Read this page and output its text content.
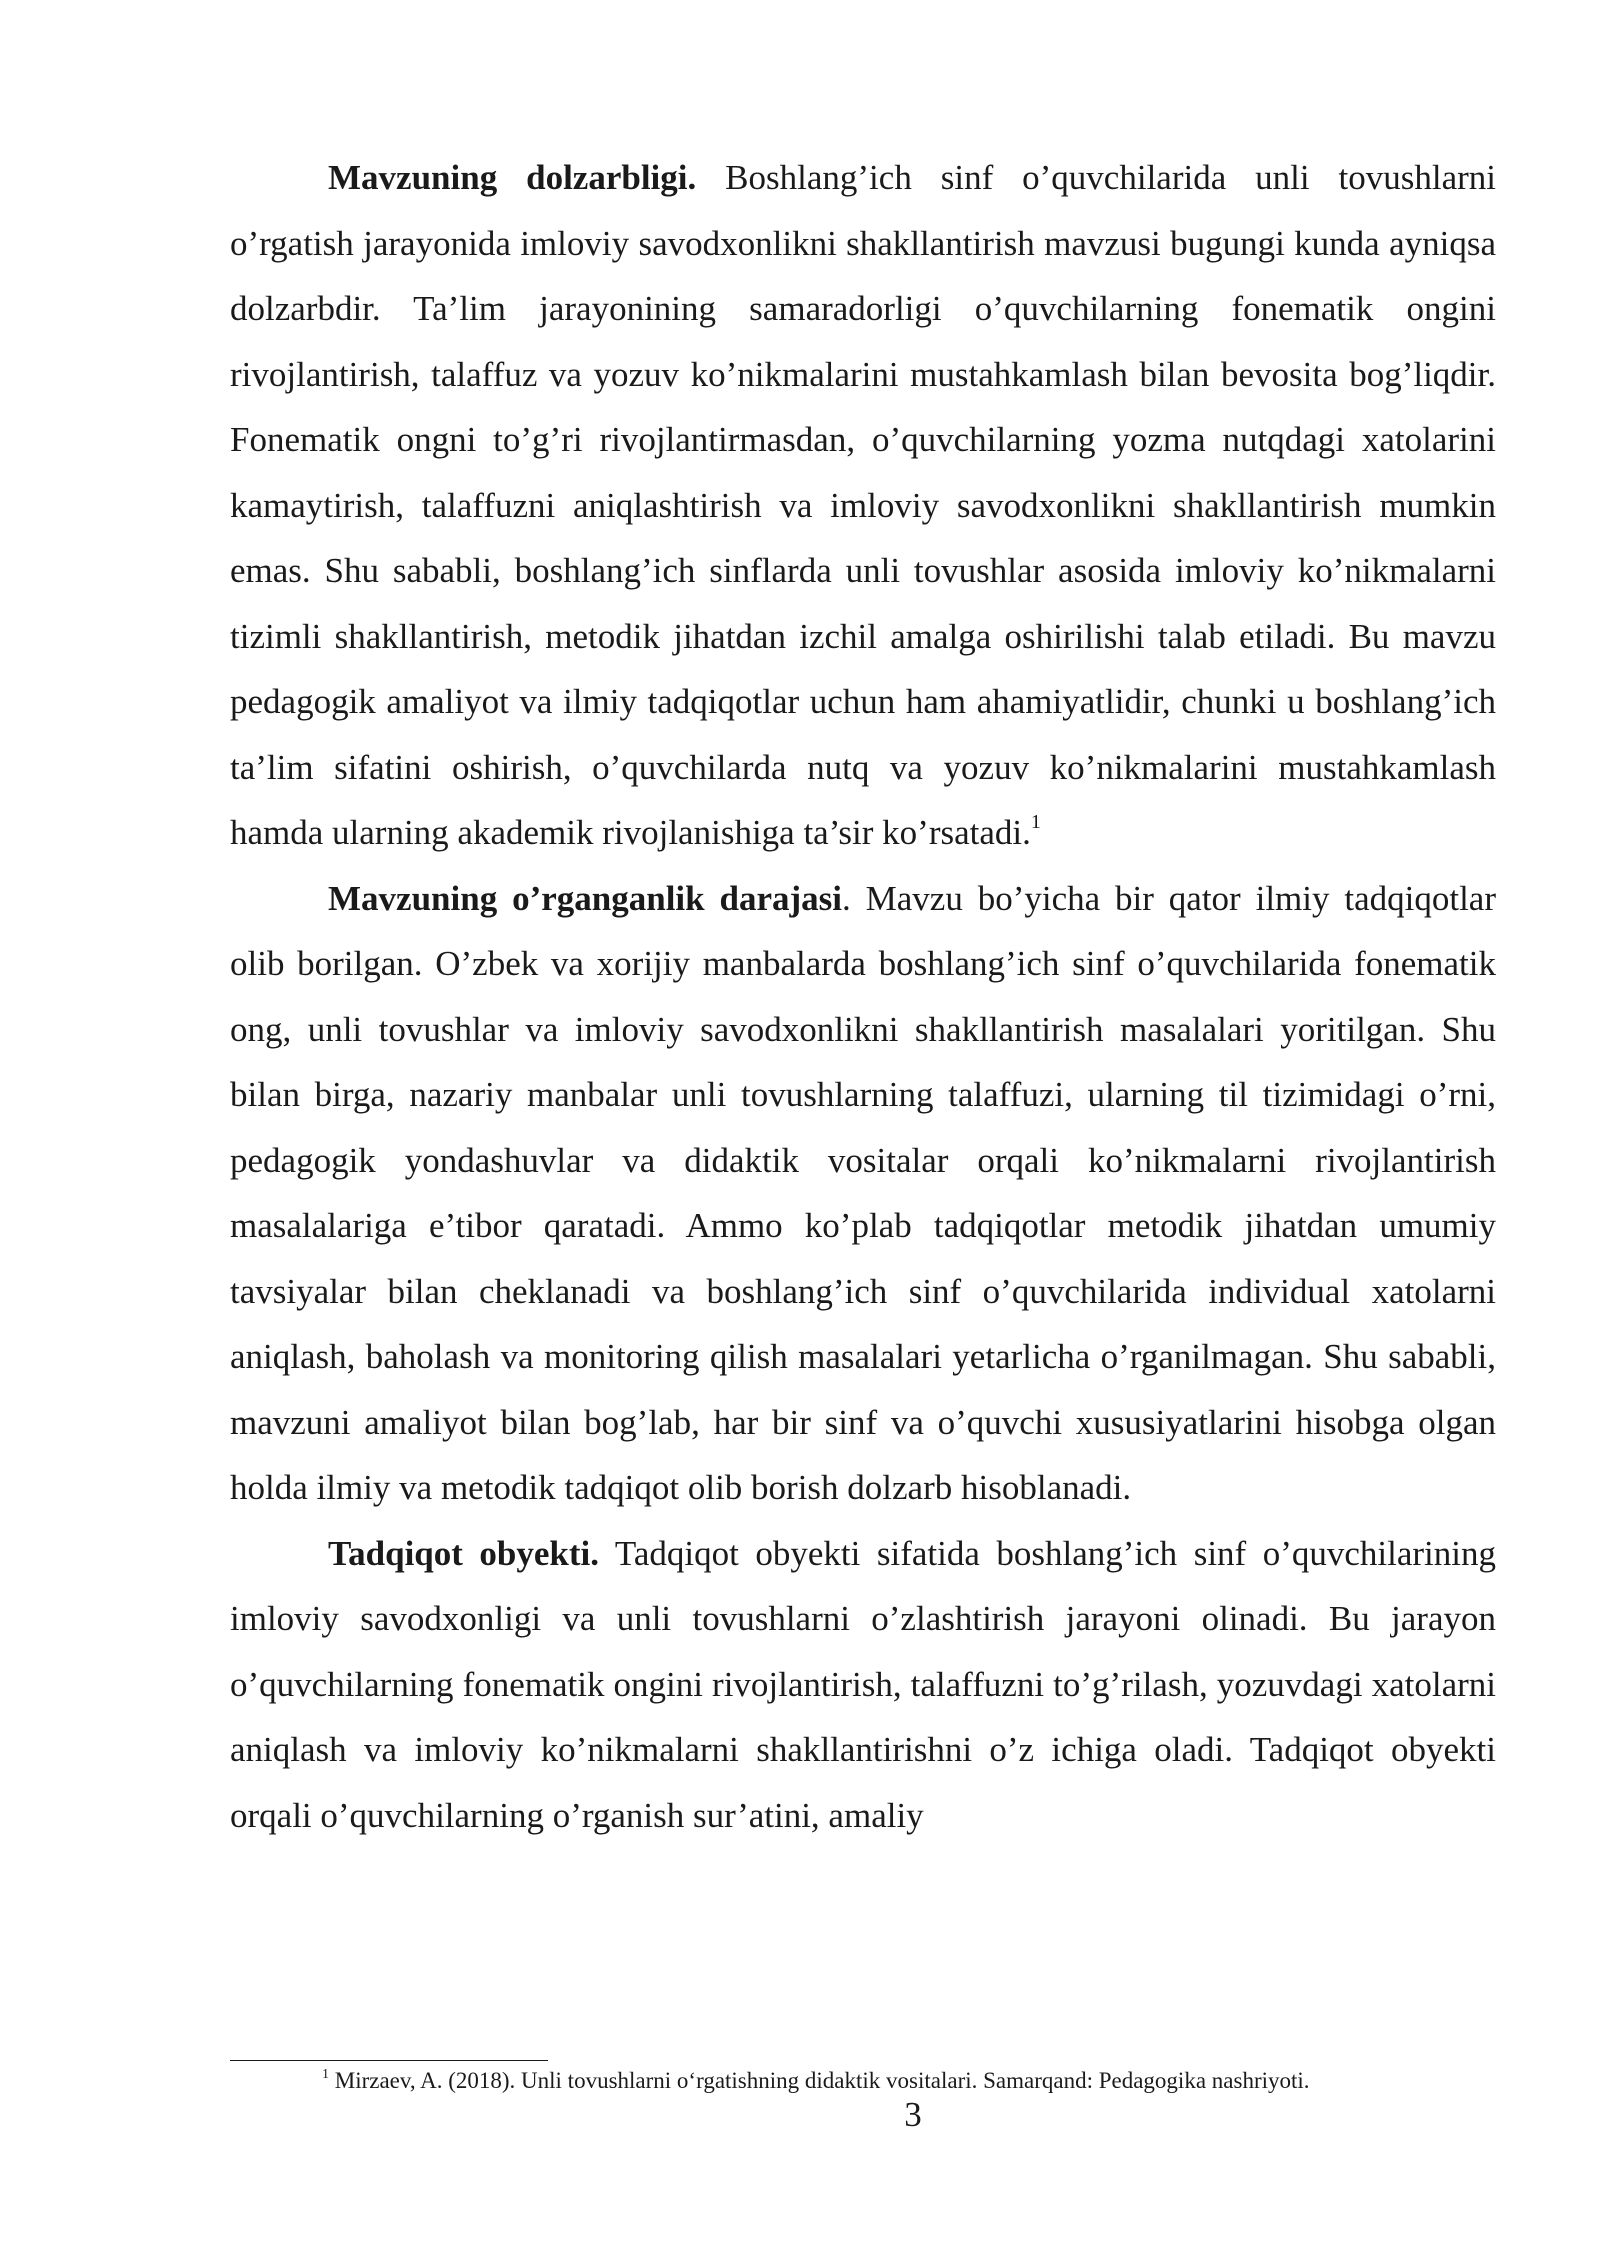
Mavzuning dolzarbligi. Boshlang’ich sinf o’quvchilarida unli tovushlarni o’rgatish jarayonida imloviy savodxonlikni shakllantirish mavzusi bugungi kunda ayniqsa dolzarbdir. Ta’lim jarayonining samaradorligi o’quvchilarning fonematik ongini rivojlantirish, talaffuz va yozuv ko’nikmalarini mustahkamlash bilan bevosita bog’liqdir. Fonematik ongni to’g’ri rivojlantirmasdan, o’quvchilarning yozma nutqdagi xatolarini kamaytirish, talaffuzni aniqlashtirish va imloviy savodxonlikni shakllantirish mumkin emas. Shu sababli, boshlang’ich sinflarda unli tovushlar asosida imloviy ko’nikmalarni tizimli shakllantirish, metodik jihatdan izchil amalga oshirilishi talab etiladi. Bu mavzu pedagogik amaliyot va ilmiy tadqiqotlar uchun ham ahamiyatlidir, chunki u boshlang’ich ta’lim sifatini oshirish, o’quvchilarda nutq va yozuv ko’nikmalarini mustahkamlash hamda ularning akademik rivojlanishiga ta’sir ko’rsatadi.$^1$

Mavzuning o’rganganlik darajasi. Mavzu bo’yicha bir qator ilmiy tadqiqotlar olib borilgan. O’zbek va xorijiy manbalarda boshlang’ich sinf o’quvchilarida fonematik ong, unli tovushlar va imloviy savodxonlikni shakllantirish masalalari yoritilgan. Shu bilan birga, nazariy manbalar unli tovushlarning talaffuzi, ularning til tizimidagi o’rni, pedagogik yondashuvlar va didaktik vositalar orqali ko’nikmalarni rivojlantirish masalalariga e’tibor qaratadi. Ammo ko’plab tadqiqotlar metodik jihatdan umumiy tavsiyalar bilan cheklanadi va boshlang’ich sinf o’quvchilarida individual xatolarni aniqlash, baholash va monitoring qilish masalalari yetarlicha o’rganilmagan. Shu sababli, mavzuni amaliyot bilan bog’lab, har bir sinf va o’quvchi xususiyatlarini hisobga olgan holda ilmiy va metodik tadqiqot olib borish dolzarb hisoblanadi.

Tadqiqot obyekti. Tadqiqot obyekti sifatida boshlang’ich sinf o’quvchilarining imloviy savodxonligi va unli tovushlarni o’zlashtirish jarayoni olinadi. Bu jarayon o’quvchilarning fonematik ongini rivojlantirish, talaffuzni to’g’rilash, yozuvdagi xatolarni aniqlash va imloviy ko’nikmalarni shakllantirishni o’z ichiga oladi. Tadqiqot obyekti orqali o’quvchilarning o’rganish sur’atini, amaliy

$^1$ Mirzaev, A. (2018). Unli tovushlarni o‘rgatishning didaktik vositalari. Samarqand: Pedagogika nashriyoti.
3
